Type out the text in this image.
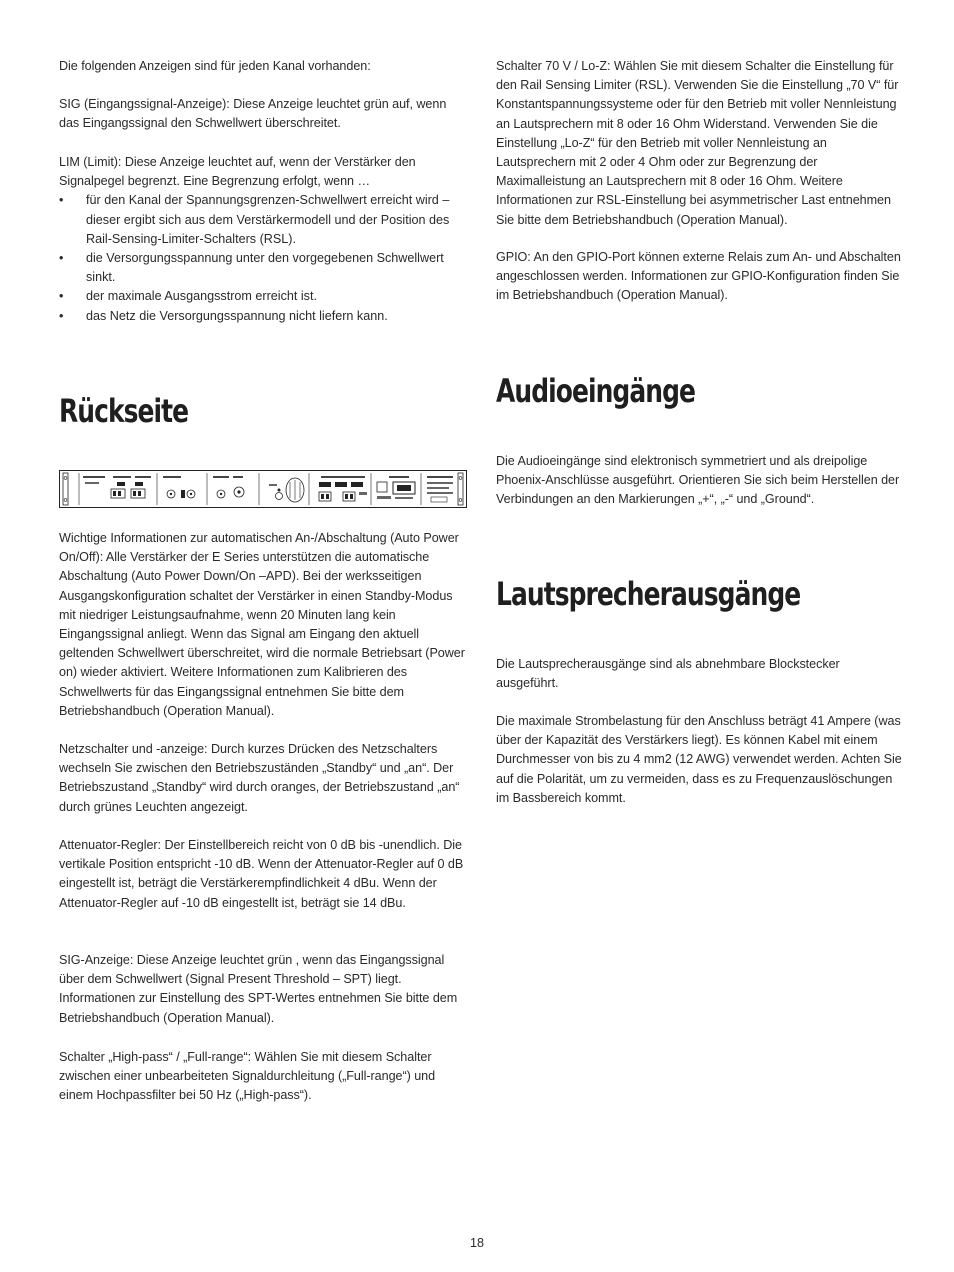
Die folgenden Anzeigen sind für jeden Kanal vorhanden:

SIG (Eingangssignal-Anzeige): Diese Anzeige leuchtet grün auf, wenn das Eingangssignal den Schwellwert überschreitet.

LIM (Limit): Diese Anzeige leuchtet auf, wenn der Verstärker den Signalpegel begrenzt. Eine Begrenzung erfolgt, wenn …

• für den Kanal der Spannungsgrenzen-Schwellwert erreicht wird – dieser ergibt sich aus dem Verstärkermodell und der Position des Rail-Sensing-Limiter-Schalters (RSL).
• die Versorgungsspannung unter den vorgegebenen Schwellwert sinkt.
• der maximale Ausgangsstrom erreicht ist.
• das Netz die Versorgungsspannung nicht liefern kann.
Rückseite

Wichtige Informationen zur automatischen An-/Abschaltung (Auto Power On/Off): Alle Verstärker der E Series unterstützen die automatische Abschaltung (Auto Power Down/On –APD). Bei der werksseitigen Ausgangskonfiguration schaltet der Verstärker in einen Standby-Modus mit niedriger Leistungsaufnahme, wenn 20 Minuten lang kein Eingangssignal anliegt. Wenn das Signal am Eingang den aktuell geltenden Schwellwert überschreitet, wird die normale Betriebsart (Power on) wieder aktiviert. Weitere Informationen zum Kalibrieren des Schwellwerts für das Eingangssignal entnehmen Sie bitte dem Betriebshandbuch (Operation Manual).

Netzschalter und -anzeige: Durch kurzes Drücken des Netzschalters wechseln Sie zwischen den Betriebszuständen „Standby“ und „an“. Der Betriebszustand „Standby“ wird durch oranges, der Betriebszustand „an“ durch grünes Leuchten angezeigt.

Attenuator-Regler: Der Einstellbereich reicht von 0 dB bis -unendlich. Die vertikale Position entspricht -10 dB. Wenn der Attenuator-Regler auf 0 dB eingestellt ist, beträgt die Verstärkerempfindlichkeit 4 dBu. Wenn der Attenuator-Regler auf -10 dB eingestellt ist, beträgt sie 14 dBu.

SIG-Anzeige: Diese Anzeige leuchtet grün , wenn das Eingangssignal über dem Schwellwert (Signal Present Threshold – SPT) liegt. Informationen zur Einstellung des SPT-Wertes entnehmen Sie bitte dem Betriebshandbuch (Operation Manual).

Schalter „High-pass“ / „Full-range“: Wählen Sie mit diesem Schalter zwischen einer unbearbeiteten Signaldurchleitung („Full-range“) und einem Hochpassfilter bei 50 Hz („High-pass“).

Schalter 70 V / Lo-Z: Wählen Sie mit diesem Schalter die Einstellung für den Rail Sensing Limiter (RSL). Verwenden Sie die Einstellung „70 V“ für Konstantspannungssysteme oder für den Betrieb mit voller Nennleistung an Lautsprechern mit 8 oder 16 Ohm Widerstand. Verwenden Sie die Einstellung „Lo-Z“ für den Betrieb mit voller Nennleistung an Lautsprechern mit 2 oder 4 Ohm oder zur Begrenzung der Maximalleistung an Lautsprechern mit 8 oder 16 Ohm. Weitere Informationen zur RSL-Einstellung bei asymmetrischer Last entnehmen Sie bitte dem Betriebshandbuch (Operation Manual).

GPIO: An den GPIO-Port können externe Relais zum An- und Abschalten angeschlossen werden. Informationen zur GPIO-Konfiguration finden Sie im Betriebshandbuch (Operation Manual).

Audioeingänge

Die Audioeingänge sind elektronisch symmetriert und als dreipolige Phoenix-Anschlüsse ausgeführt. Orientieren Sie sich beim Herstellen der Verbindungen an den Markierungen „+“, „-“ und „Ground“.

Lautsprecherausgänge

Die Lautsprecherausgänge sind als abnehmbare Blockstecker ausgeführt.

Die maximale Strombelastung für den Anschluss beträgt 41 Ampere (was über der Kapazität des Verstärkers liegt). Es können Kabel mit einem Durchmesser von bis zu 4 mm2 (12 AWG) verwendet werden. Achten Sie auf die Polarität, um zu vermeiden, dass es zu Frequenzauslöschungen im Bassbereich kommt.

18
